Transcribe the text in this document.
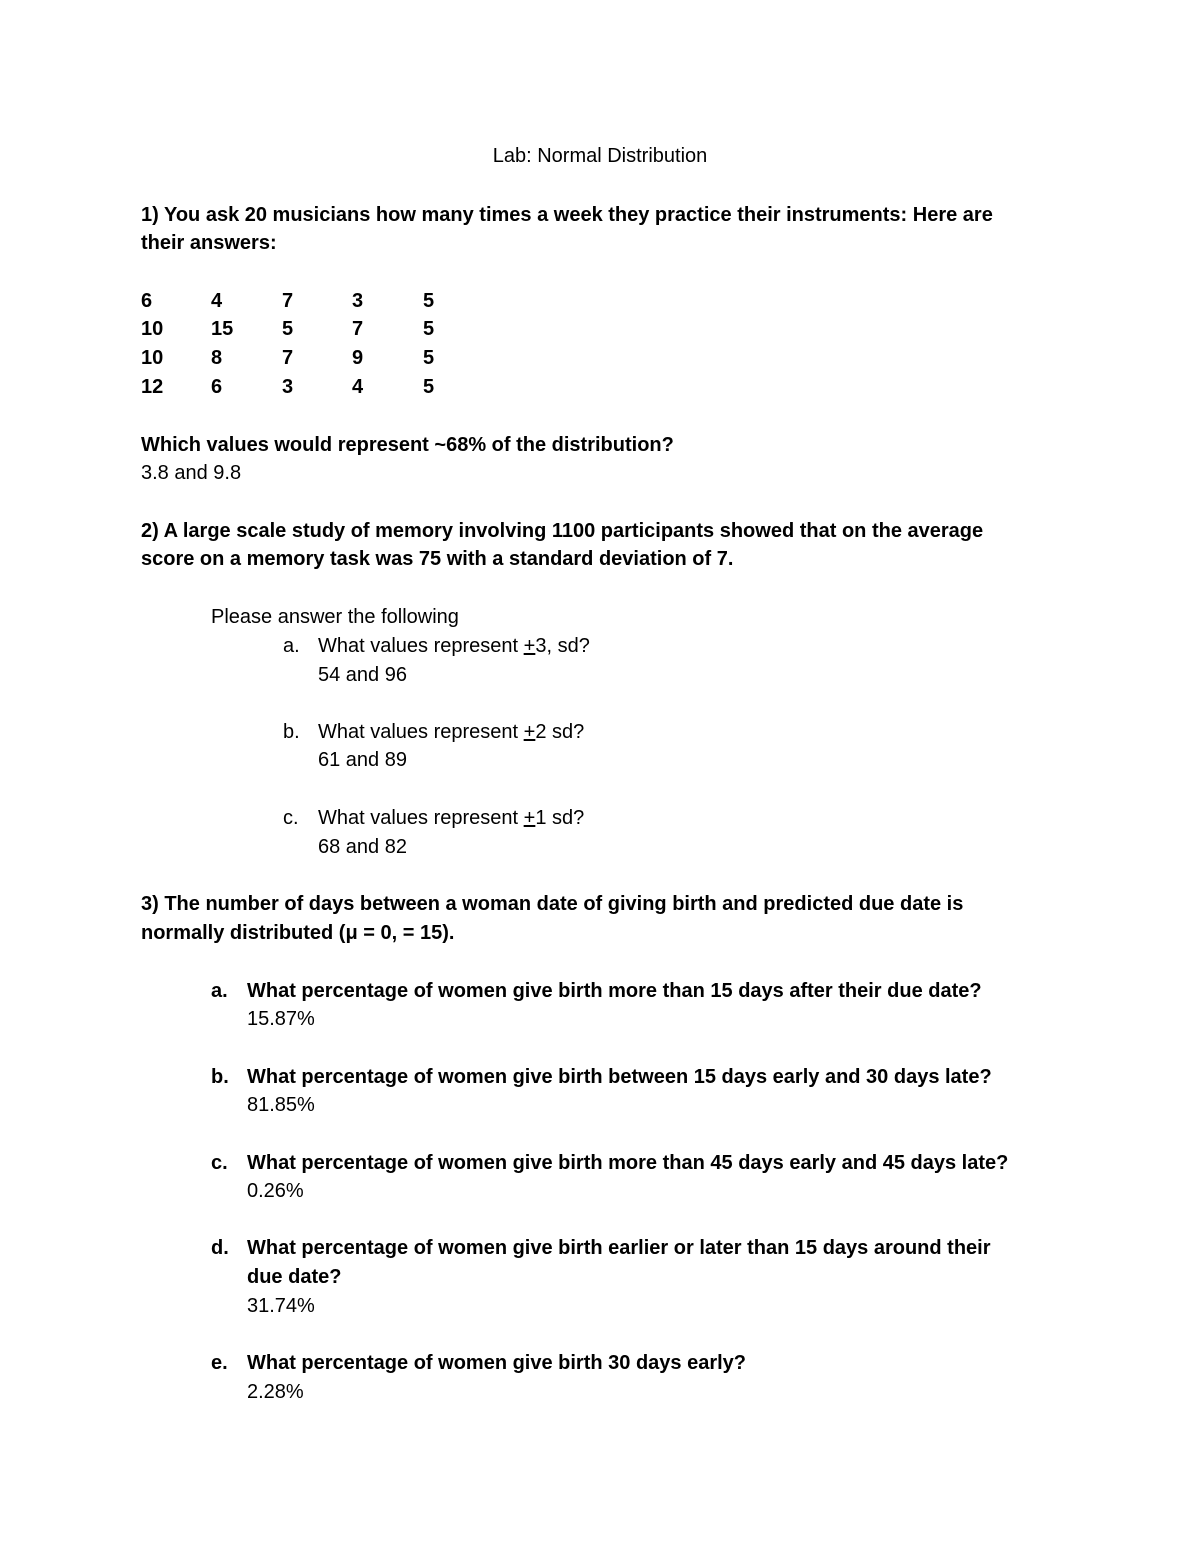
Lab: Normal Distribution
1) You ask 20 musicians how many times a week they practice their instruments: Here are
their answers:
6	4	7	3	5
10	15	5	7	5
10	8	7	9	5
12	6	3	4	5
Which values would represent ~68% of the distribution?
3.8 and 9.8
2) A large scale study of memory involving 1100 participants showed that on the average
score on a memory task was 75 with a standard deviation of 7.
Please answer the following
a. What values represent +3, sd?
54 and 96
b. What values represent +2 sd?
61 and 89
c. What values represent +1 sd?
68 and 82
3) The number of days between a woman date of giving birth and predicted due date is
normally distributed (μ = 0, = 15).
a. What percentage of women give birth more than 15 days after their due date?
15.87%
b. What percentage of women give birth between 15 days early and 30 days late?
81.85%
c. What percentage of women give birth more than 45 days early and 45 days late?
0.26%
d. What percentage of women give birth earlier or later than 15 days around their
due date?
31.74%
e. What percentage of women give birth 30 days early?
2.28%
